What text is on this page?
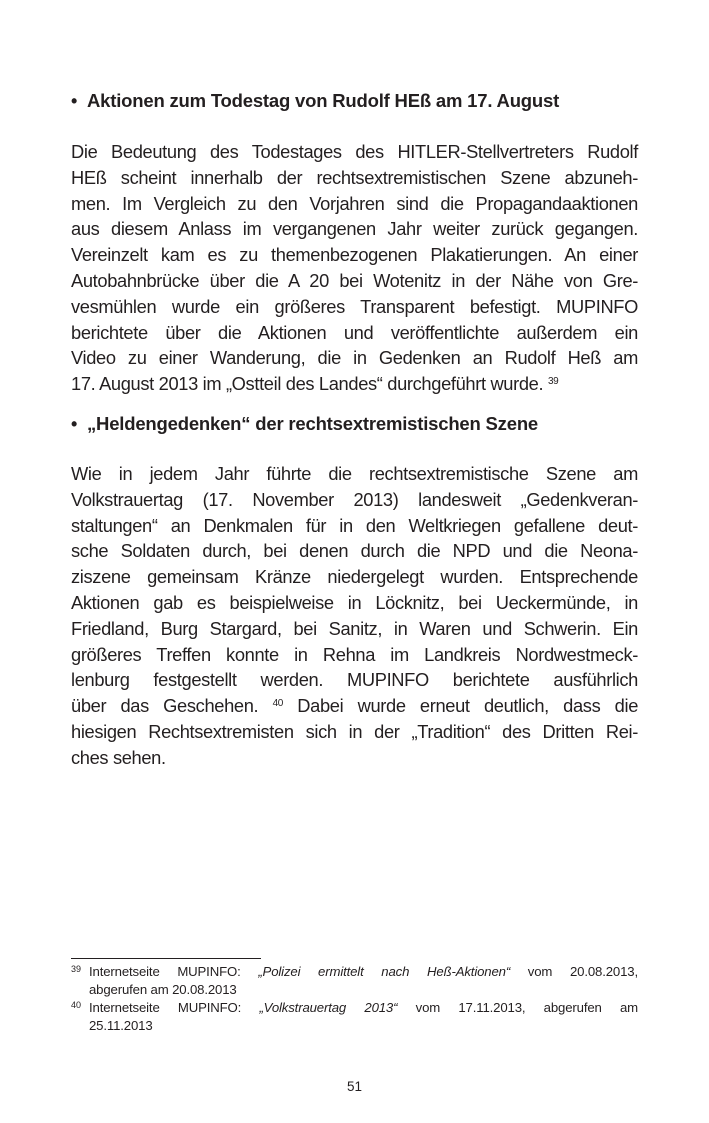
• Aktionen zum Todestag von Rudolf HEß am 17. August
Die Bedeutung des Todestages des HITLER-Stellvertreters Rudolf
HEß scheint innerhalb der rechtsextremistischen Szene abzuneh-
men. Im Vergleich zu den Vorjahren sind die Propagandaaktionen
aus diesem Anlass im vergangenen Jahr weiter zurück gegangen.
Vereinzelt kam es zu themenbezogenen Plakatierungen. An einer
Autobahnbrücke über die A 20 bei Wotenitz in der Nähe von Gre-
vesmühlen wurde ein größeres Transparent befestigt. MUPINFO
berichtete über die Aktionen und veröffentlichte außerdem ein
Video zu einer Wanderung, die in Gedenken an Rudolf Heß am
17. August 2013 im „Ostteil des Landes“ durchgeführt wurde. $^{39}$
• „Heldengedenken“ der rechtsextremistischen Szene
Wie in jedem Jahr führte die rechtsextremistische Szene am
Volkstrauertag (17. November 2013) landesweit „Gedenkveran-
staltungen“ an Denkmalen für in den Weltkriegen gefallene deut-
sche Soldaten durch, bei denen durch die NPD und die Neona-
ziszene gemeinsam Kränze niedergelegt wurden. Entsprechende
Aktionen gab es beispielweise in Löcknitz, bei Ueckermünde, in
Friedland, Burg Stargard, bei Sanitz, in Waren und Schwerin. Ein
größeres Treffen konnte in Rehna im Landkreis Nordwestmeck-
lenburg festgestellt werden. MUPINFO berichtete ausführlich
über das Geschehen. $^{40}$ Dabei wurde erneut deutlich, dass die
hiesigen Rechtsextremisten sich in der „Tradition“ des Dritten Rei-
ches sehen.
39 Internetseite MUPINFO: „Polizei ermittelt nach Heß-Aktionen“ vom 20.08.2013,
abgerufen am 20.08.2013
40 Internetseite MUPINFO: „Volkstrauertag 2013“ vom 17.11.2013, abgerufen am
25.11.2013
51
